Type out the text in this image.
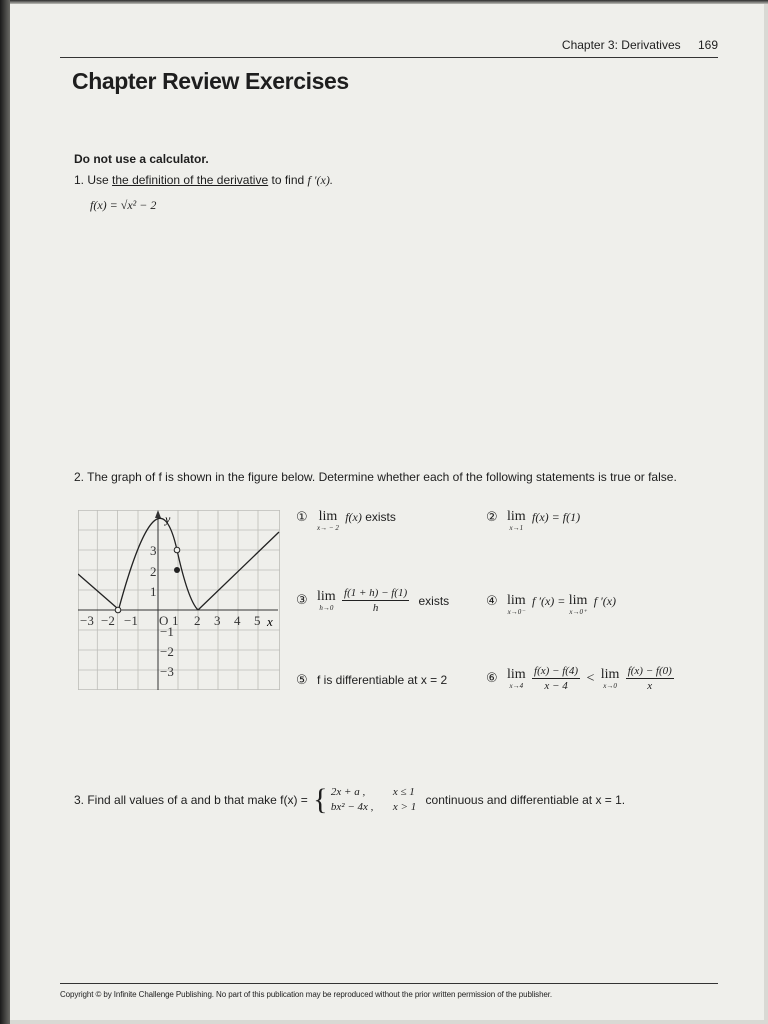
Chapter 3: Derivatives 169
Chapter Review Exercises
Do not use a calculator.
1. Use the definition of the derivative to find f ′(x).
f(x) = √x² − 2
2. The graph of f is shown in the figure below. Determine whether each of the following statements is true or false.
y
x
−3 −2 −1 O 1 2 3 4 5
3
2
1
−1
−2
−3
① lim
x→ − 2
f(x) exists	② lim
x→1
f(x) = f(1)
③ lim
h→0
$\frac{f(1 + h) - f(1)}{h}$ exists	④ lim
x→0⁻
f ′(x) = lim
x→0⁺
f ′(x)
⑤ f is differentiable at x = 2	⑥ lim
x→4
$\frac{f(x) - f(4)}{x - 4} < \lim$
x→0
$\frac{f(x) - f(0)}{x}$
3. Find all values of a and b that make f(x) = { 2x + a ,	x ≤ 1
bx² − 4x , x > 1 continuous and differentiable at x = 1.
Copyright © by Infinite Challenge Publishing. No part of this publication may be reproduced without the prior written permission of the publisher.
